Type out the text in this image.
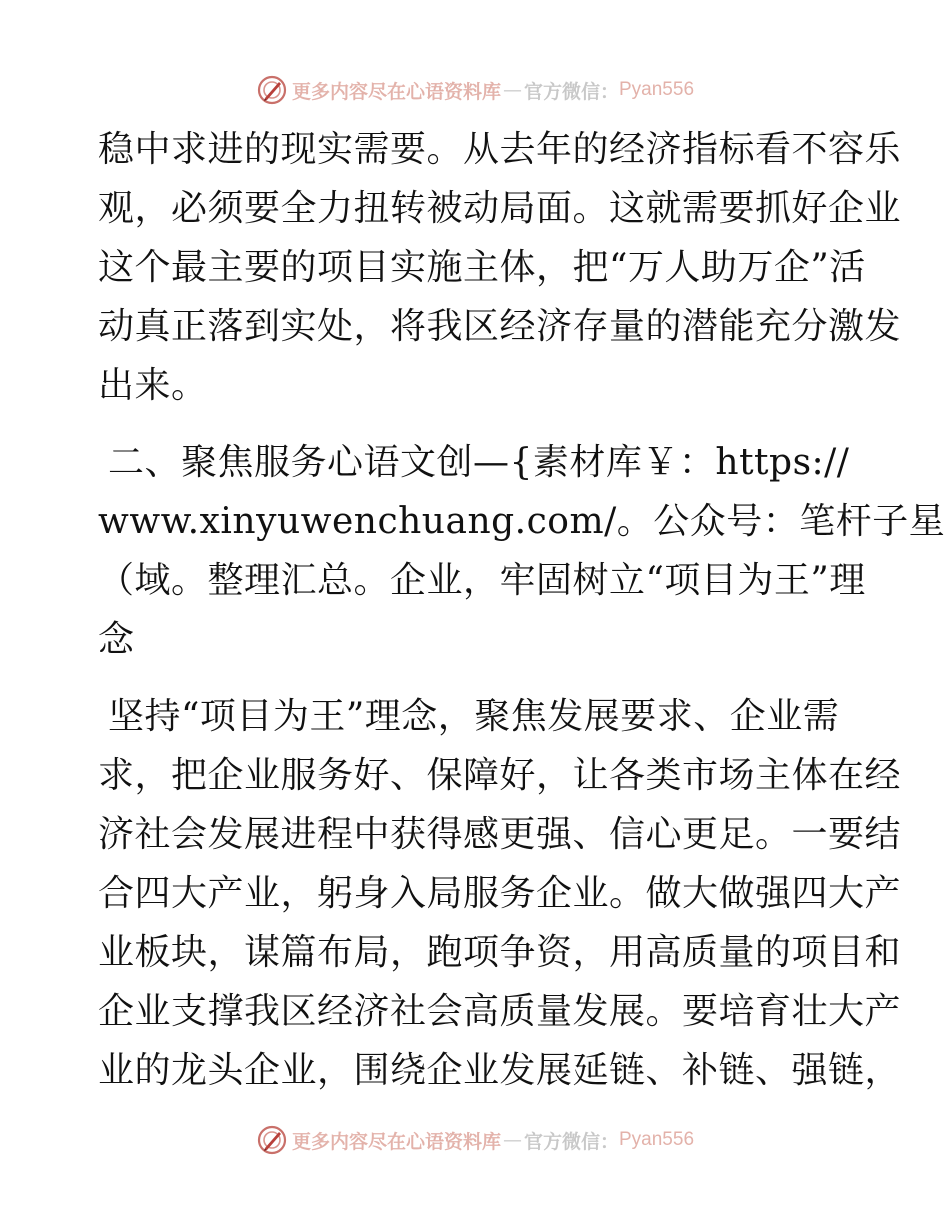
更多内容尽在心语资料库 — 官方微信： Pyan556
稳中求进的现实需要。从去年的经济指标看不容乐
观，必须要全力扭转被动局面。这就需要抓好企业
这个最主要的项目实施主体，把“万人助万企”活
动真正落到实处，将我区经济存量的潜能充分激发
出来。
二、聚焦服务心语文创—{素材库￥：https://
www.xinyuwenchuang.com/。公众号：笔杆子星
（域。整理汇总。企业，牢固树立“项目为王”理
念
坚持“项目为王”理念，聚焦发展要求、企业需
求，把企业服务好、保障好，让各类市场主体在经
济社会发展进程中获得感更强、信心更足。一要结
合四大产业，躬身入局服务企业。做大做强四大产
业板块，谋篇布局，跑项争资，用高质量的项目和
企业支撑我区经济社会高质量发展。要培育壮大产
业的龙头企业，围绕企业发展延链、补链、强链，
更多内容尽在心语资料库 — 官方微信： Pyan556
